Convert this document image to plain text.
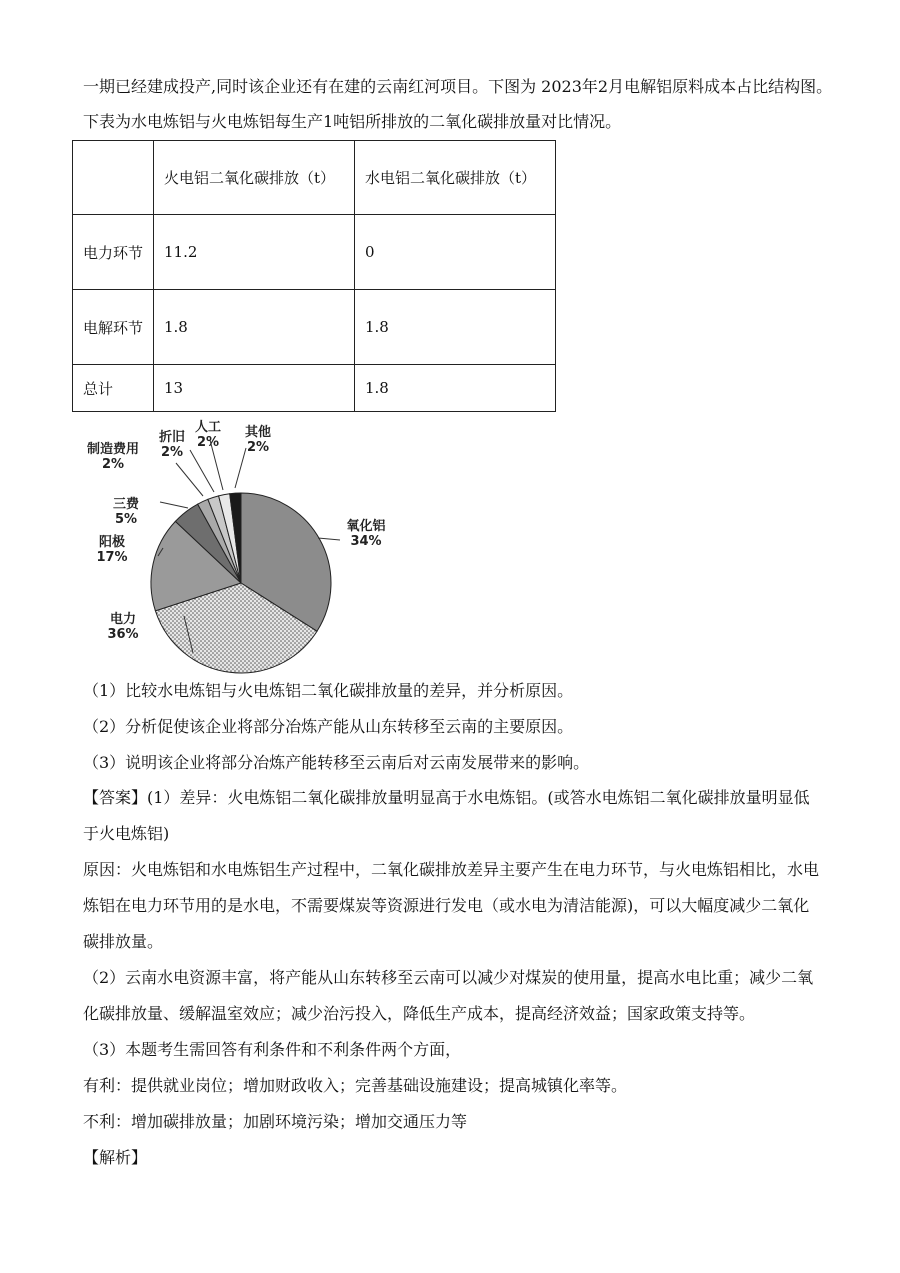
一期已经建成投产,同时该企业还有在建的云南红河项目。下图为 2023年2月电解铝原料成本占比结构图。
下表为水电炼铝与火电炼铝每生产1吨铝所排放的二氧化碳排放量对比情况。
	火电铝二氧化碳排放（t）	水电铝二氧化碳排放（t）
电力环节	11.2	0
电解环节	1.8	1.8
总计	13	1.8
氧化铝
34%
电力
36%
阳极
17%
三费
5%
制造费用
2%
折旧
2%
人工
2%
其他
2%
（1）比较水电炼铝与火电炼铝二氧化碳排放量的差异，并分析原因。
（2）分析促使该企业将部分冶炼产能从山东转移至云南的主要原因。
（3）说明该企业将部分冶炼产能转移至云南后对云南发展带来的影响。
【答案】(1）差异：火电炼铝二氧化碳排放量明显高于水电炼铝。(或答水电炼铝二氧化碳排放量明显低于火电炼铝)
原因：火电炼铝和水电炼铝生产过程中，二氧化碳排放差异主要产生在电力环节，与火电炼铝相比，水电炼铝在电力环节用的是水电，不需要煤炭等资源进行发电（或水电为清洁能源)，可以大幅度减少二氧化碳排放量。
（2）云南水电资源丰富，将产能从山东转移至云南可以减少对煤炭的使用量，提高水电比重；减少二氧化碳排放量、缓解温室效应；减少治污投入，降低生产成本，提高经济效益；国家政策支持等。
（3）本题考生需回答有利条件和不利条件两个方面，
有利：提供就业岗位；增加财政收入；完善基础设施建设；提高城镇化率等。
不利：增加碳排放量；加剧环境污染；增加交通压力等
【解析】
